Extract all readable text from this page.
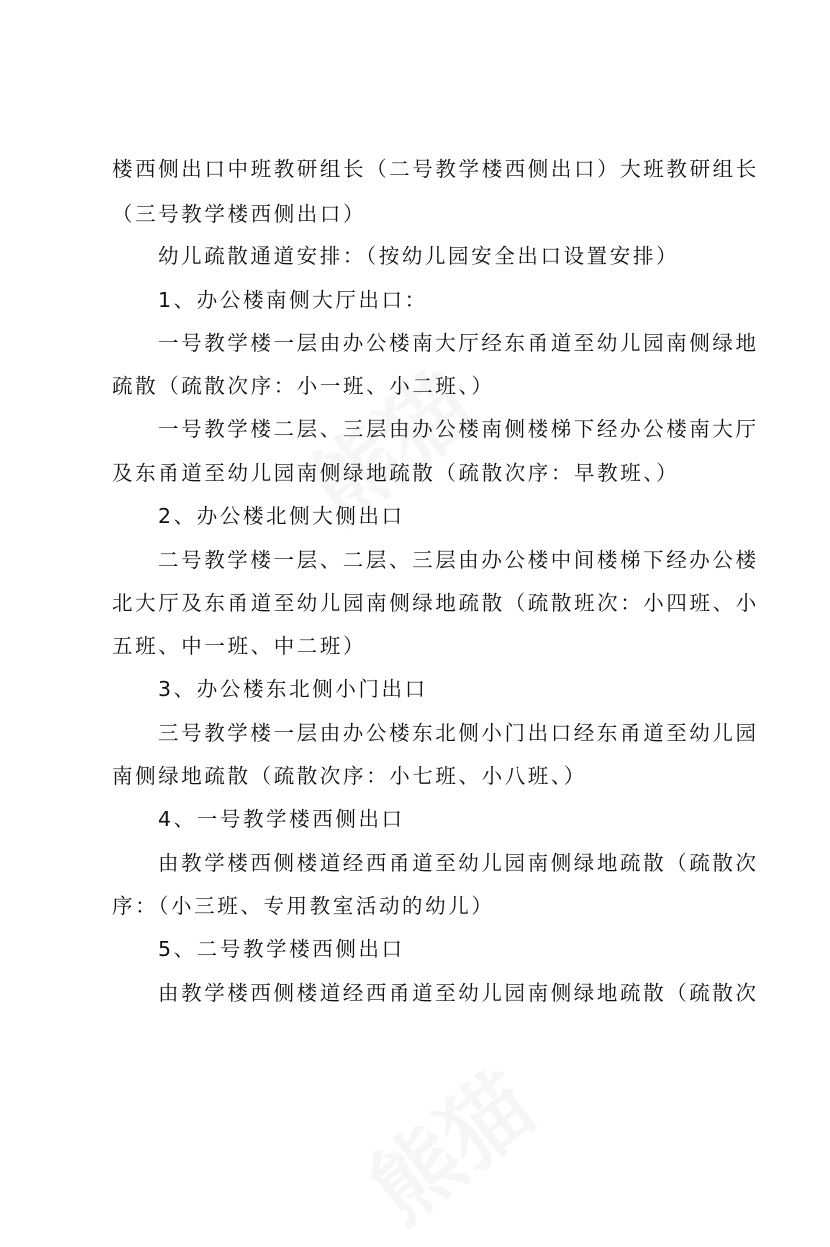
楼西侧出口中班教研组长（二号教学楼西侧出口）大班教研组长
（三号教学楼西侧出口）
幼儿疏散通道安排：（按幼儿园安全出口设置安排）
1、办公楼南侧大厅出口：
一号教学楼一层由办公楼南大厅经东甬道至幼儿园南侧绿地
疏散（疏散次序：小一班、小二班、）
一号教学楼二层、三层由办公楼南侧楼梯下经办公楼南大厅
及东甬道至幼儿园南侧绿地疏散（疏散次序：早教班、）
2、办公楼北侧大侧出口
二号教学楼一层、二层、三层由办公楼中间楼梯下经办公楼
北大厅及东甬道至幼儿园南侧绿地疏散（疏散班次：小四班、小
五班、中一班、中二班）
3、办公楼东北侧小门出口
三号教学楼一层由办公楼东北侧小门出口经东甬道至幼儿园
南侧绿地疏散（疏散次序：小七班、小八班、）
4、一号教学楼西侧出口
由教学楼西侧楼道经西甬道至幼儿园南侧绿地疏散（疏散次
序：（小三班、专用教室活动的幼儿）
5、二号教学楼西侧出口
由教学楼西侧楼道经西甬道至幼儿园南侧绿地疏散（疏散次
